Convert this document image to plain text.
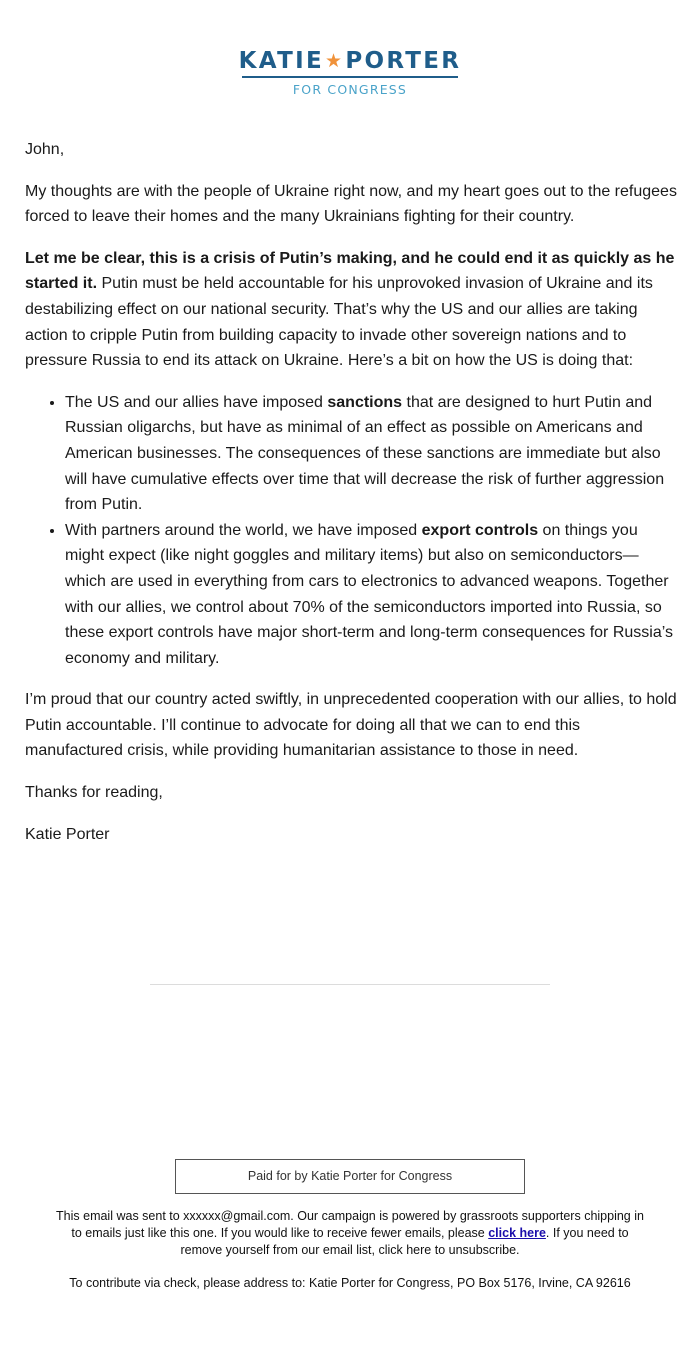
KATIE★PORTER
FOR CONGRESS

John,

My thoughts are with the people of Ukraine right now, and my heart goes out to the refugees forced to leave their homes and the many Ukrainians fighting for their country.

Let me be clear, this is a crisis of Putin’s making, and he could end it as quickly as he started it. Putin must be held accountable for his unprovoked invasion of Ukraine and its destabilizing effect on our national security. That’s why the US and our allies are taking action to cripple Putin from building capacity to invade other sovereign nations and to pressure Russia to end its attack on Ukraine. Here’s a bit on how the US is doing that:

• The US and our allies have imposed sanctions that are designed to hurt Putin and Russian oligarchs, but have as minimal of an effect as possible on Americans and American businesses. The consequences of these sanctions are immediate but also will have cumulative effects over time that will decrease the risk of further aggression from Putin.
• With partners around the world, we have imposed export controls on things you might expect (like night goggles and military items) but also on semiconductors—which are used in everything from cars to electronics to advanced weapons. Together with our allies, we control about 70% of the semiconductors imported into Russia, so these export controls have major short-term and long-term consequences for Russia’s economy and military.

I’m proud that our country acted swiftly, in unprecedented cooperation with our allies, to hold Putin accountable. I’ll continue to advocate for doing all that we can to end this manufactured crisis, while providing humanitarian assistance to those in need.

Thanks for reading,

Katie Porter

Paid for by Katie Porter for Congress

This email was sent to xxxxxx@gmail.com. Our campaign is powered by grassroots supporters chipping in to emails just like this one. If you would like to receive fewer emails, please click here. If you need to remove yourself from our email list, click here to unsubscribe.

To contribute via check, please address to: Katie Porter for Congress, PO Box 5176, Irvine, CA 92616
